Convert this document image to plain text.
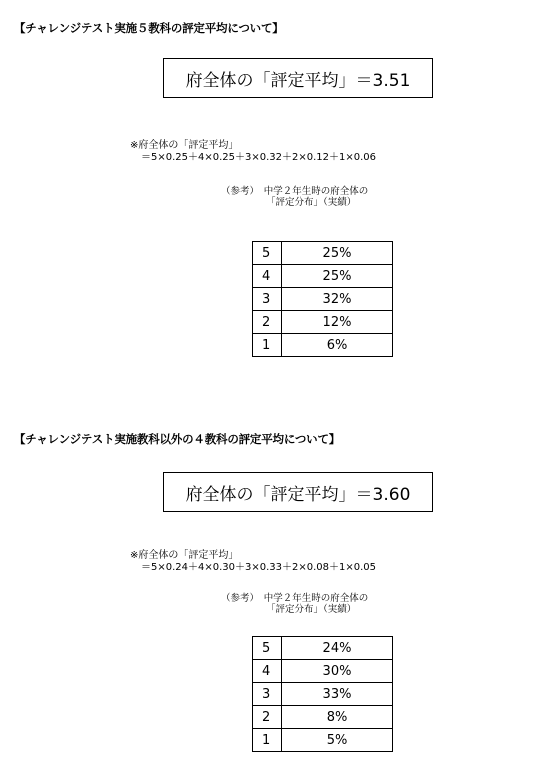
【チャレンジテスト実施５教科の評定平均について】
府全体の「評定平均」＝3.51
※府全体の「評定平均」
＝5×0.25＋4×0.25＋3×0.32＋2×0.12＋1×0.06
（参考）　中学２年生時の府全体の
「評定分布」（実績）
5	25%
4	25%
3	32%
2	12%
1	6%
【チャレンジテスト実施教科以外の４教科の評定平均について】
府全体の「評定平均」＝3.60
※府全体の「評定平均」
＝5×0.24＋4×0.30＋3×0.33＋2×0.08＋1×0.05
（参考）　中学２年生時の府全体の
「評定分布」（実績）
5	24%
4	30%
3	33%
2	8%
1	5%
